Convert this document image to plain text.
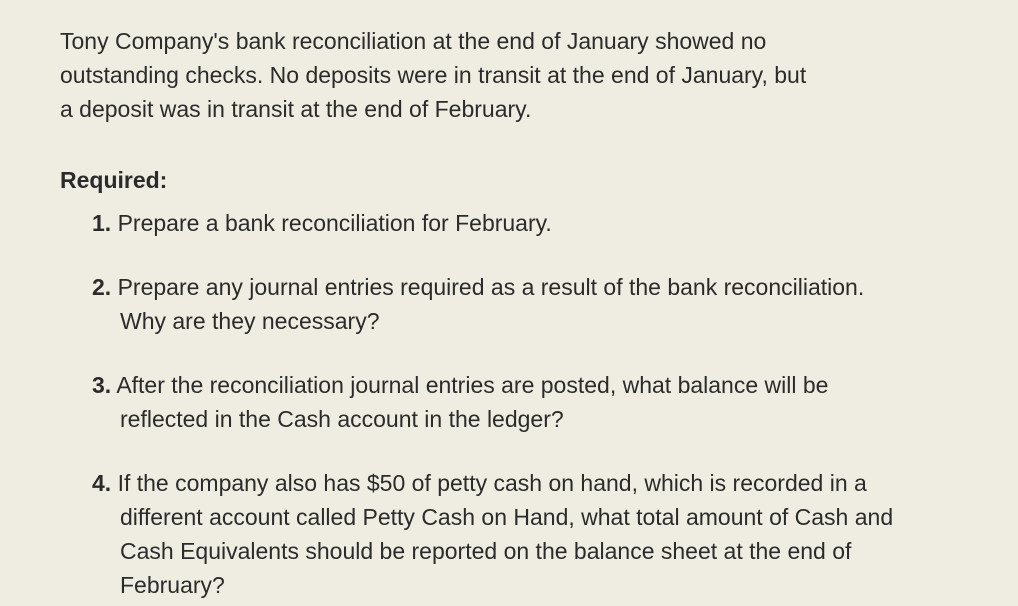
Tony Company's bank reconciliation at the end of January showed no
outstanding checks. No deposits were in transit at the end of January, but
a deposit was in transit at the end of February.

Required:

1. Prepare a bank reconciliation for February.
2. Prepare any journal entries required as a result of the bank reconciliation.
Why are they necessary?
3. After the reconciliation journal entries are posted, what balance will be
reflected in the Cash account in the ledger?
4. If the company also has $50 of petty cash on hand, which is recorded in a
different account called Petty Cash on Hand, what total amount of Cash and
Cash Equivalents should be reported on the balance sheet at the end of
February?
